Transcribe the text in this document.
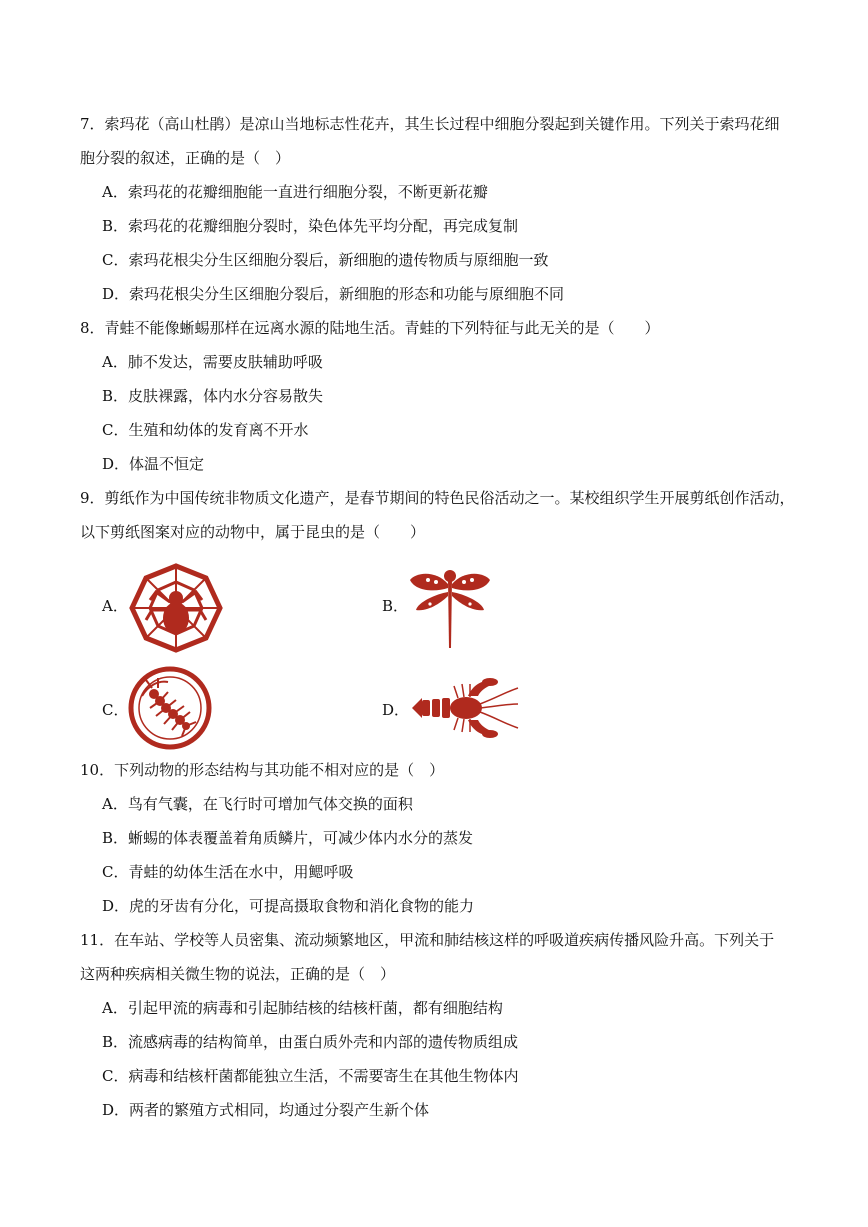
7．索玛花（高山杜鹃）是凉山当地标志性花卉，其生长过程中细胞分裂起到关键作用。下列关于索玛花细
胞分裂的叙述，正确的是（　）
A．索玛花的花瓣细胞能一直进行细胞分裂，不断更新花瓣
B．索玛花的花瓣细胞分裂时，染色体先平均分配，再完成复制
C．索玛花根尖分生区细胞分裂后，新细胞的遗传物质与原细胞一致
D．索玛花根尖分生区细胞分裂后，新细胞的形态和功能与原细胞不同
8．青蛙不能像蜥蜴那样在远离水源的陆地生活。青蛙的下列特征与此无关的是（　　）
A．肺不发达，需要皮肤辅助呼吸
B．皮肤裸露，体内水分容易散失
C．生殖和幼体的发育离不开水
D．体温不恒定
9．剪纸作为中国传统非物质文化遗产，是春节期间的特色民俗活动之一。某校组织学生开展剪纸创作活动，
以下剪纸图案对应的动物中，属于昆虫的是（　　）
A．	B．
C．	D．
10．下列动物的形态结构与其功能不相对应的是（　）
A．鸟有气囊，在飞行时可增加气体交换的面积
B．蜥蜴的体表覆盖着角质鳞片，可减少体内水分的蒸发
C．青蛙的幼体生活在水中，用鳃呼吸
D．虎的牙齿有分化，可提高摄取食物和消化食物的能力
11．在车站、学校等人员密集、流动频繁地区，甲流和肺结核这样的呼吸道疾病传播风险升高。下列关于
这两种疾病相关微生物的说法，正确的是（　）
A．引起甲流的病毒和引起肺结核的结核杆菌，都有细胞结构
B．流感病毒的结构简单，由蛋白质外壳和内部的遗传物质组成
C．病毒和结核杆菌都能独立生活，不需要寄生在其他生物体内
D．两者的繁殖方式相同，均通过分裂产生新个体
